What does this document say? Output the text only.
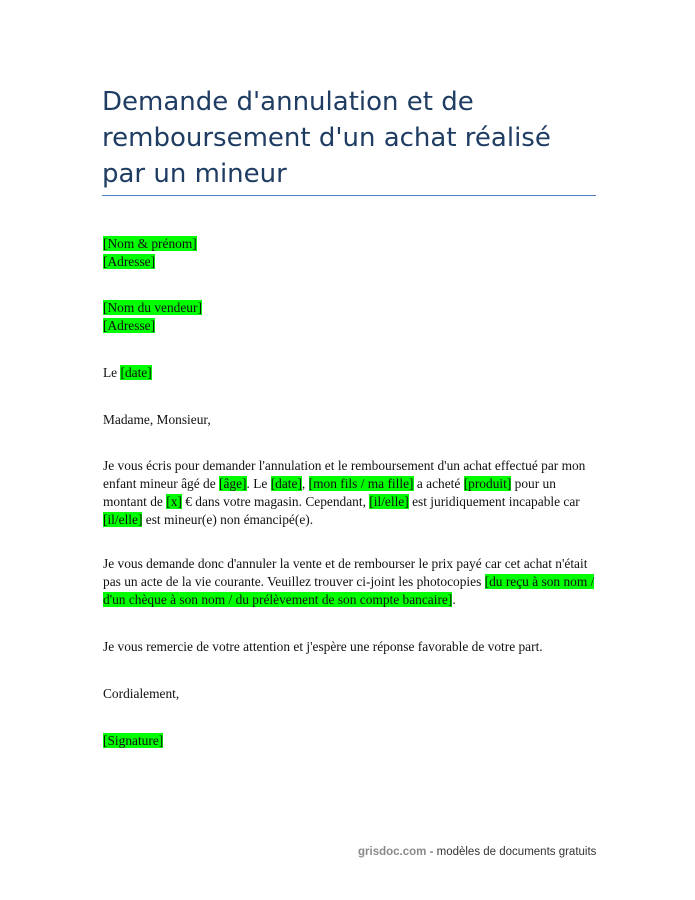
Demande d'annulation et de remboursement d'un achat réalisé par un mineur
[Nom & prénom]
[Adresse]
[Nom du vendeur]
[Adresse]
Le [date]
Madame, Monsieur,
Je vous écris pour demander l'annulation et le remboursement d'un achat effectué par mon enfant mineur âgé de [âge]. Le [date], [mon fils / ma fille] a acheté [produit] pour un montant de [x] € dans votre magasin. Cependant, [il/elle] est juridiquement incapable car [il/elle] est mineur(e) non émancipé(e).
Je vous demande donc d'annuler la vente et de rembourser le prix payé car cet achat n'était pas un acte de la vie courante. Veuillez trouver ci-joint les photocopies [du reçu à son nom / d'un chèque à son nom / du prélèvement de son compte bancaire].
Je vous remercie de votre attention et j'espère une réponse favorable de votre part.
Cordialement,
[Signature]
grisdoc.com - modèles de documents gratuits
